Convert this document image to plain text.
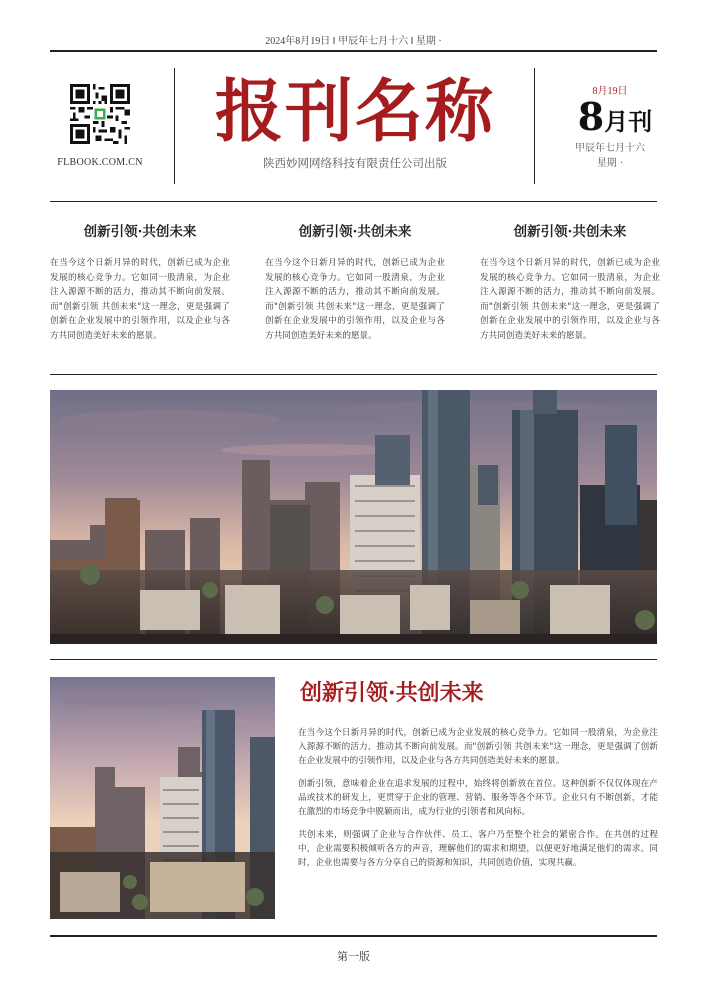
2024年8月19日 ‖ 甲辰年七月十六 ‖ 星期 ·
FLBOOK.COM.CN
报刊名称
陕西妙网网络科技有限责任公司出版
8月19日
8月刊
甲辰年七月十六
星期 ·
创新引领·共创未来

在当今这个日新月异的时代，创新已成为企业发展的核心竞争力。它如同一股清泉，为企业注入源源不断的活力，推动其不断向前发展。而"创新引领 共创未来"这一理念，更是强调了创新在企业发展中的引领作用，以及企业与各方共同创造美好未来的愿景。

创新引领·共创未来

在当今这个日新月异的时代，创新已成为企业发展的核心竞争力。它如同一股清泉，为企业注入源源不断的活力，推动其不断向前发展。而"创新引领 共创未来"这一理念，更是强调了创新在企业发展中的引领作用，以及企业与各方共同创造美好未来的愿景。

创新引领·共创未来

在当今这个日新月异的时代，创新已成为企业发展的核心竞争力。它如同一股清泉，为企业注入源源不断的活力，推动其不断向前发展。而"创新引领 共创未来"这一理念，更是强调了创新在企业发展中的引领作用，以及企业与各方共同创造美好未来的愿景。

创新引领·共创未来

在当今这个日新月异的时代，创新已成为企业发展的核心竞争力。它如同一股清泉，为企业注入源源不断的活力，推动其不断向前发展。而"创新引领 共创未来"这一理念，更是强调了创新在企业发展中的引领作用，以及企业与各方共同创造美好未来的愿景。

创新引领，意味着企业在追求发展的过程中，始终将创新放在首位。这种创新不仅仅体现在产品或技术的研发上，更贯穿于企业的管理、营销、服务等各个环节。企业只有不断创新，才能在激烈的市场竞争中脱颖而出，成为行业的引领者和风向标。

共创未来，则强调了企业与合作伙伴、员工、客户乃至整个社会的紧密合作。在共创的过程中，企业需要积极倾听各方的声音，理解他们的需求和期望，以便更好地满足他们的需求。同时，企业也需要与各方分享自己的资源和知识，共同创造价值，实现共赢。

第一版
